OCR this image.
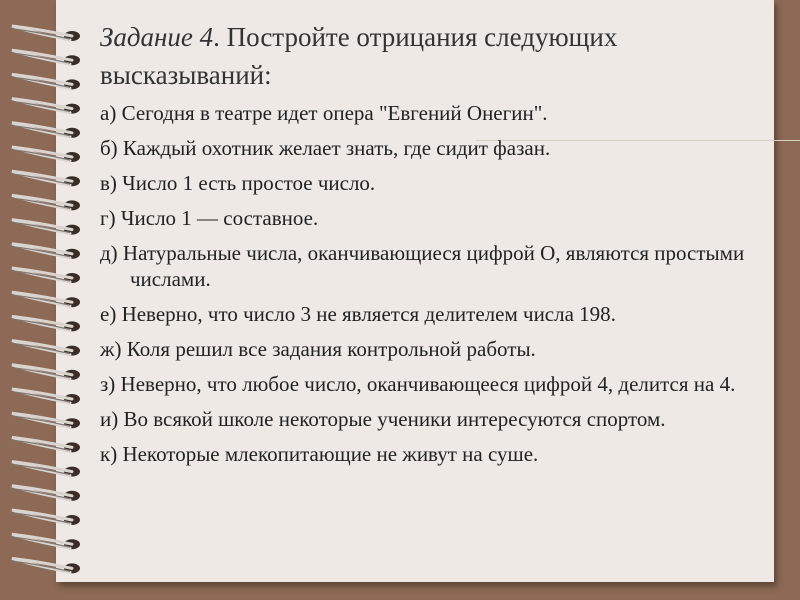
Задание 4. Постройте отрицания следующих высказываний:
а) Сегодня в театре идет опера "Евгений Онегин".
б) Каждый охотник желает знать, где сидит фазан.
в) Число 1 есть простое число.
г) Число 1 — составное.
д) Натуральные числа, оканчивающиеся цифрой О, являются простыми числами.
е) Неверно, что число 3 не является делителем числа 198.
ж) Коля решил все задания контрольной работы.
з) Неверно, что любое число, оканчивающееся цифрой 4, делится на 4.
и) Во всякой школе некоторые ученики интересуются спортом.
к) Некоторые млекопитающие не живут на суше.
